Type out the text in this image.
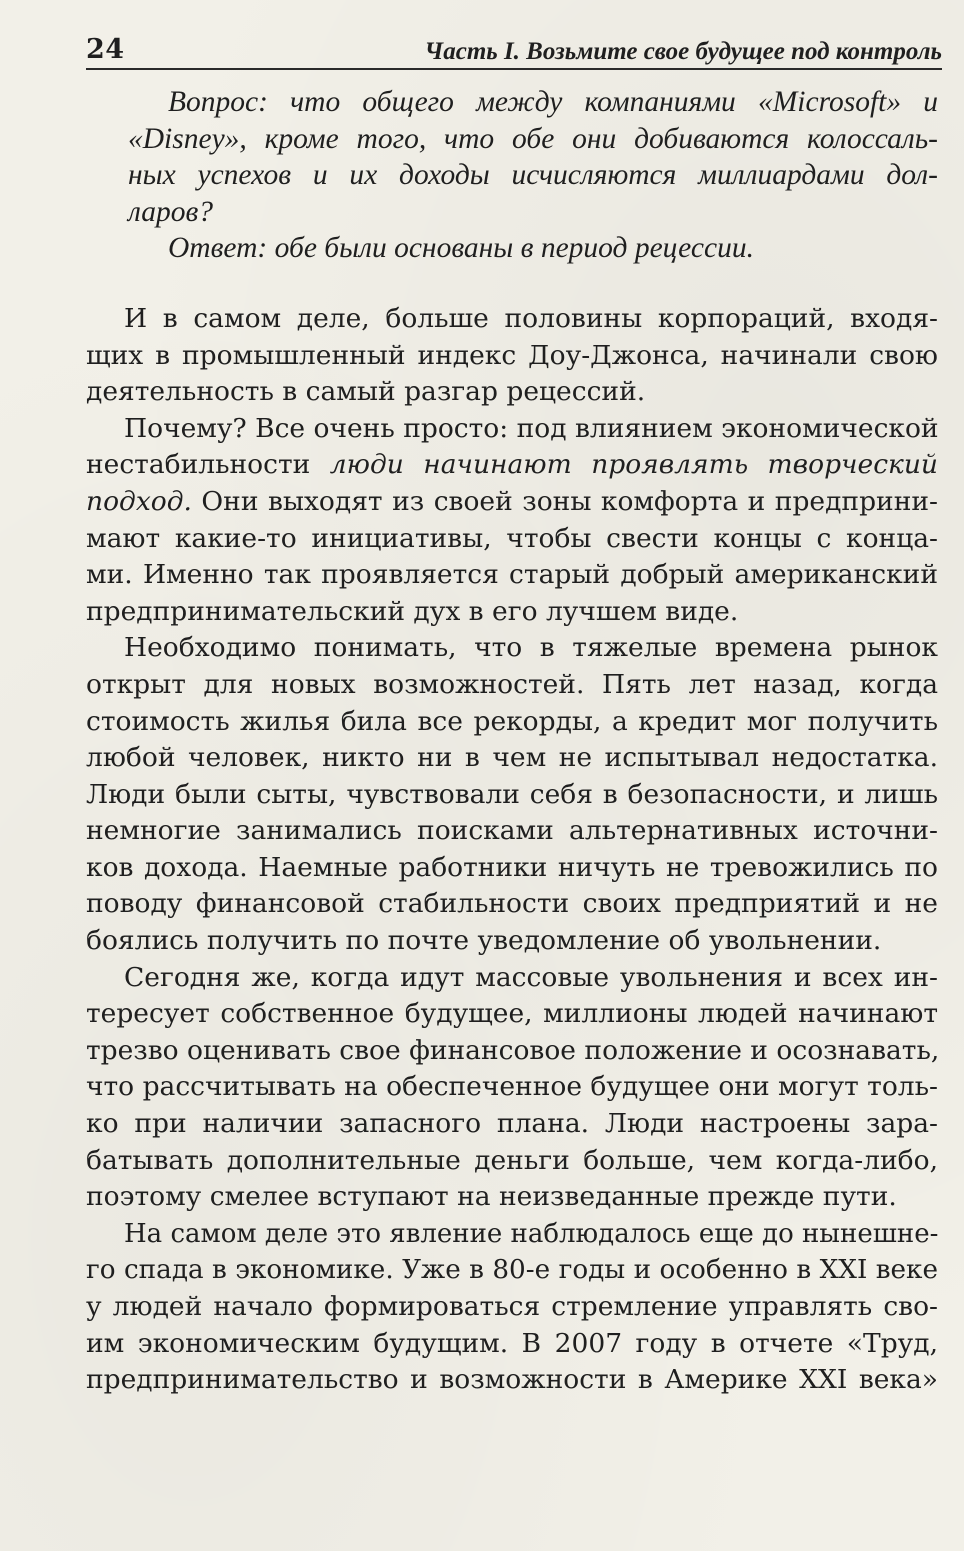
24	Часть I. Возьмите свое будущее под контроль
Вопрос: что общего между компаниями «Microsoft» и
«Disney», кроме того, что обе они добиваются колоссаль-
ных успехов и их доходы исчисляются миллиардами дол-
ларов?
Ответ: обе были основаны в период рецессии.
И в самом деле, больше половины корпораций, входя-
щих в промышленный индекс Доу-Джонса, начинали свою
деятельность в самый разгар рецессий.
Почему? Все очень просто: под влиянием экономической
нестабильности люди начинают проявлять творческий
подход. Они выходят из своей зоны комфорта и предприни-
мают какие-то инициативы, чтобы свести концы с конца-
ми. Именно так проявляется старый добрый американский
предпринимательский дух в его лучшем виде.
Необходимо понимать, что в тяжелые времена рынок
открыт для новых возможностей. Пять лет назад, когда
стоимость жилья била все рекорды, а кредит мог получить
любой человек, никто ни в чем не испытывал недостатка.
Люди были сыты, чувствовали себя в безопасности, и лишь
немногие занимались поисками альтернативных источни-
ков дохода. Наемные работники ничуть не тревожились по
поводу финансовой стабильности своих предприятий и не
боялись получить по почте уведомление об увольнении.
Сегодня же, когда идут массовые увольнения и всех ин-
тересует собственное будущее, миллионы людей начинают
трезво оценивать свое финансовое положение и осознавать,
что рассчитывать на обеспеченное будущее они могут толь-
ко при наличии запасного плана. Люди настроены зара-
батывать дополнительные деньги больше, чем когда-либо,
поэтому смелее вступают на неизведанные прежде пути.
На самом деле это явление наблюдалось еще до нынешне-
го спада в экономике. Уже в 80-е годы и особенно в XXI веке
у людей начало формироваться стремление управлять сво-
им экономическим будущим. В 2007 году в отчете «Труд,
предпринимательство и возможности в Америке XXI века»
